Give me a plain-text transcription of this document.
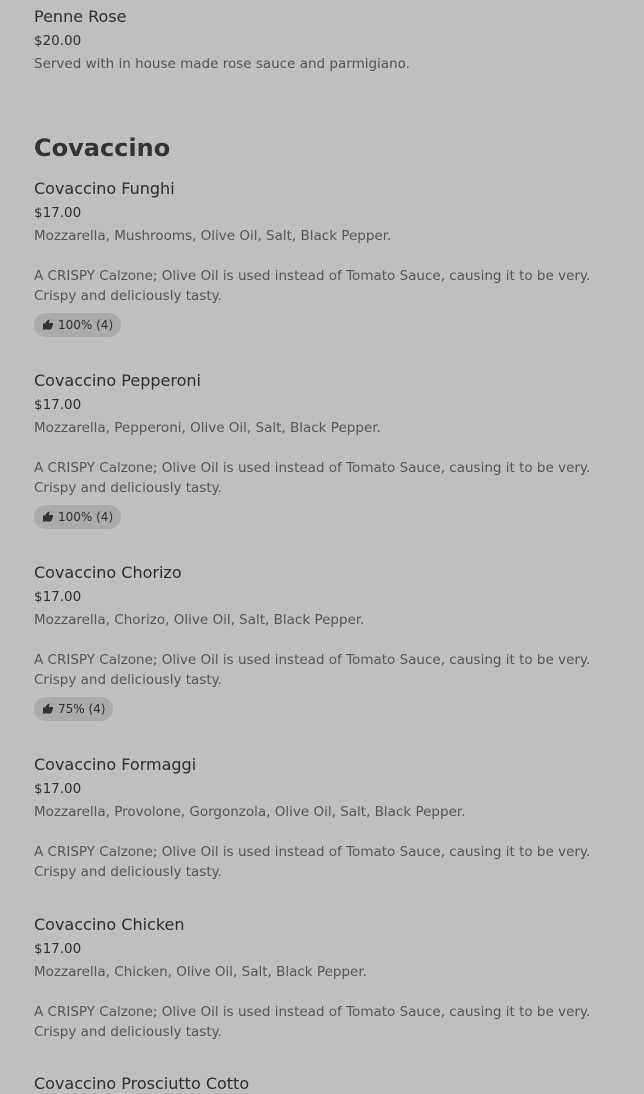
Penne Rose
$20.00
Served with in house made rose sauce and parmigiano.
Covaccino
Covaccino Funghi
$17.00
Mozzarella, Mushrooms, Olive Oil, Salt, Black Pepper.
A CRISPY Calzone; Olive Oil is used instead of Tomato Sauce, causing it to be very. Crispy and deliciously tasty.
100% (4)
Covaccino Pepperoni
$17.00
Mozzarella, Pepperoni, Olive Oil, Salt, Black Pepper.
A CRISPY Calzone; Olive Oil is used instead of Tomato Sauce, causing it to be very. Crispy and deliciously tasty.
100% (4)
Covaccino Chorizo
$17.00
Mozzarella, Chorizo, Olive Oil, Salt, Black Pepper.
A CRISPY Calzone; Olive Oil is used instead of Tomato Sauce, causing it to be very. Crispy and deliciously tasty.
75% (4)
Covaccino Formaggi
$17.00
Mozzarella, Provolone, Gorgonzola, Olive Oil, Salt, Black Pepper.
A CRISPY Calzone; Olive Oil is used instead of Tomato Sauce, causing it to be very. Crispy and deliciously tasty.
Covaccino Chicken
$17.00
Mozzarella, Chicken, Olive Oil, Salt, Black Pepper.
A CRISPY Calzone; Olive Oil is used instead of Tomato Sauce, causing it to be very. Crispy and deliciously tasty.
Covaccino Prosciutto Cotto
